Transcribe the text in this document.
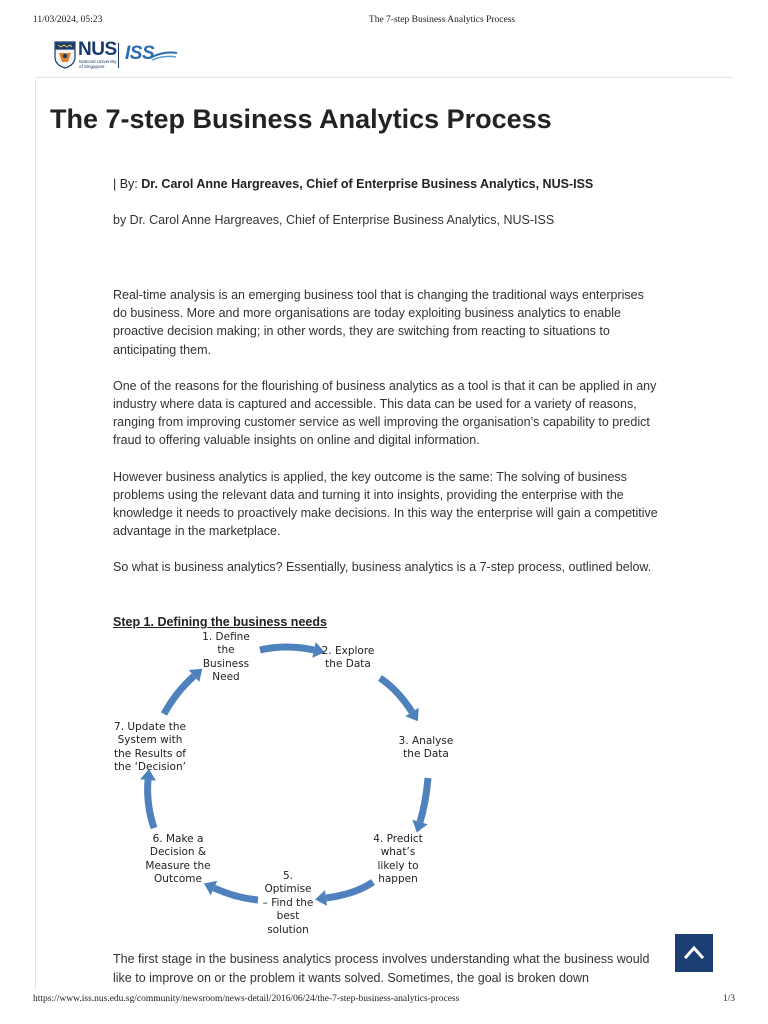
11/03/2024, 05:23	The 7-step Business Analytics Process
NUS
National University of Singapore
ISS
The 7-step Business Analytics Process
| By: Dr. Carol Anne Hargreaves, Chief of Enterprise Business Analytics, NUS-ISS
by Dr. Carol Anne Hargreaves, Chief of Enterprise Business Analytics, NUS-ISS

Real-time analysis is an emerging business tool that is changing the traditional ways enterprises do business. More and more organisations are today exploiting business analytics to enable proactive decision making; in other words, they are switching from reacting to situations to anticipating them.

One of the reasons for the flourishing of business analytics as a tool is that it can be applied in any industry where data is captured and accessible. This data can be used for a variety of reasons, ranging from improving customer service as well improving the organisation’s capability to predict fraud to offering valuable insights on online and digital information.

However business analytics is applied, the key outcome is the same: The solving of business problems using the relevant data and turning it into insights, providing the enterprise with the knowledge it needs to proactively make decisions. In this way the enterprise will gain a competitive advantage in the marketplace.

So what is business analytics? Essentially, business analytics is a 7-step process, outlined below.

Step 1. Defining the business needs
1. Define
the
Business
Need
2. Explore
the Data
3. Analyse
the Data
4. Predict
what’s
likely to
happen
5.
Optimise
– Find the
best
solution
6. Make a
Decision &
Measure the
Outcome
7. Update the
System with
the Results of
the ‘Decision’

The first stage in the business analytics process involves understanding what the business would like to improve on or the problem it wants solved. Sometimes, the goal is broken down

https://www.iss.nus.edu.sg/community/newsroom/news-detail/2016/06/24/the-7-step-business-analytics-process	1/3
